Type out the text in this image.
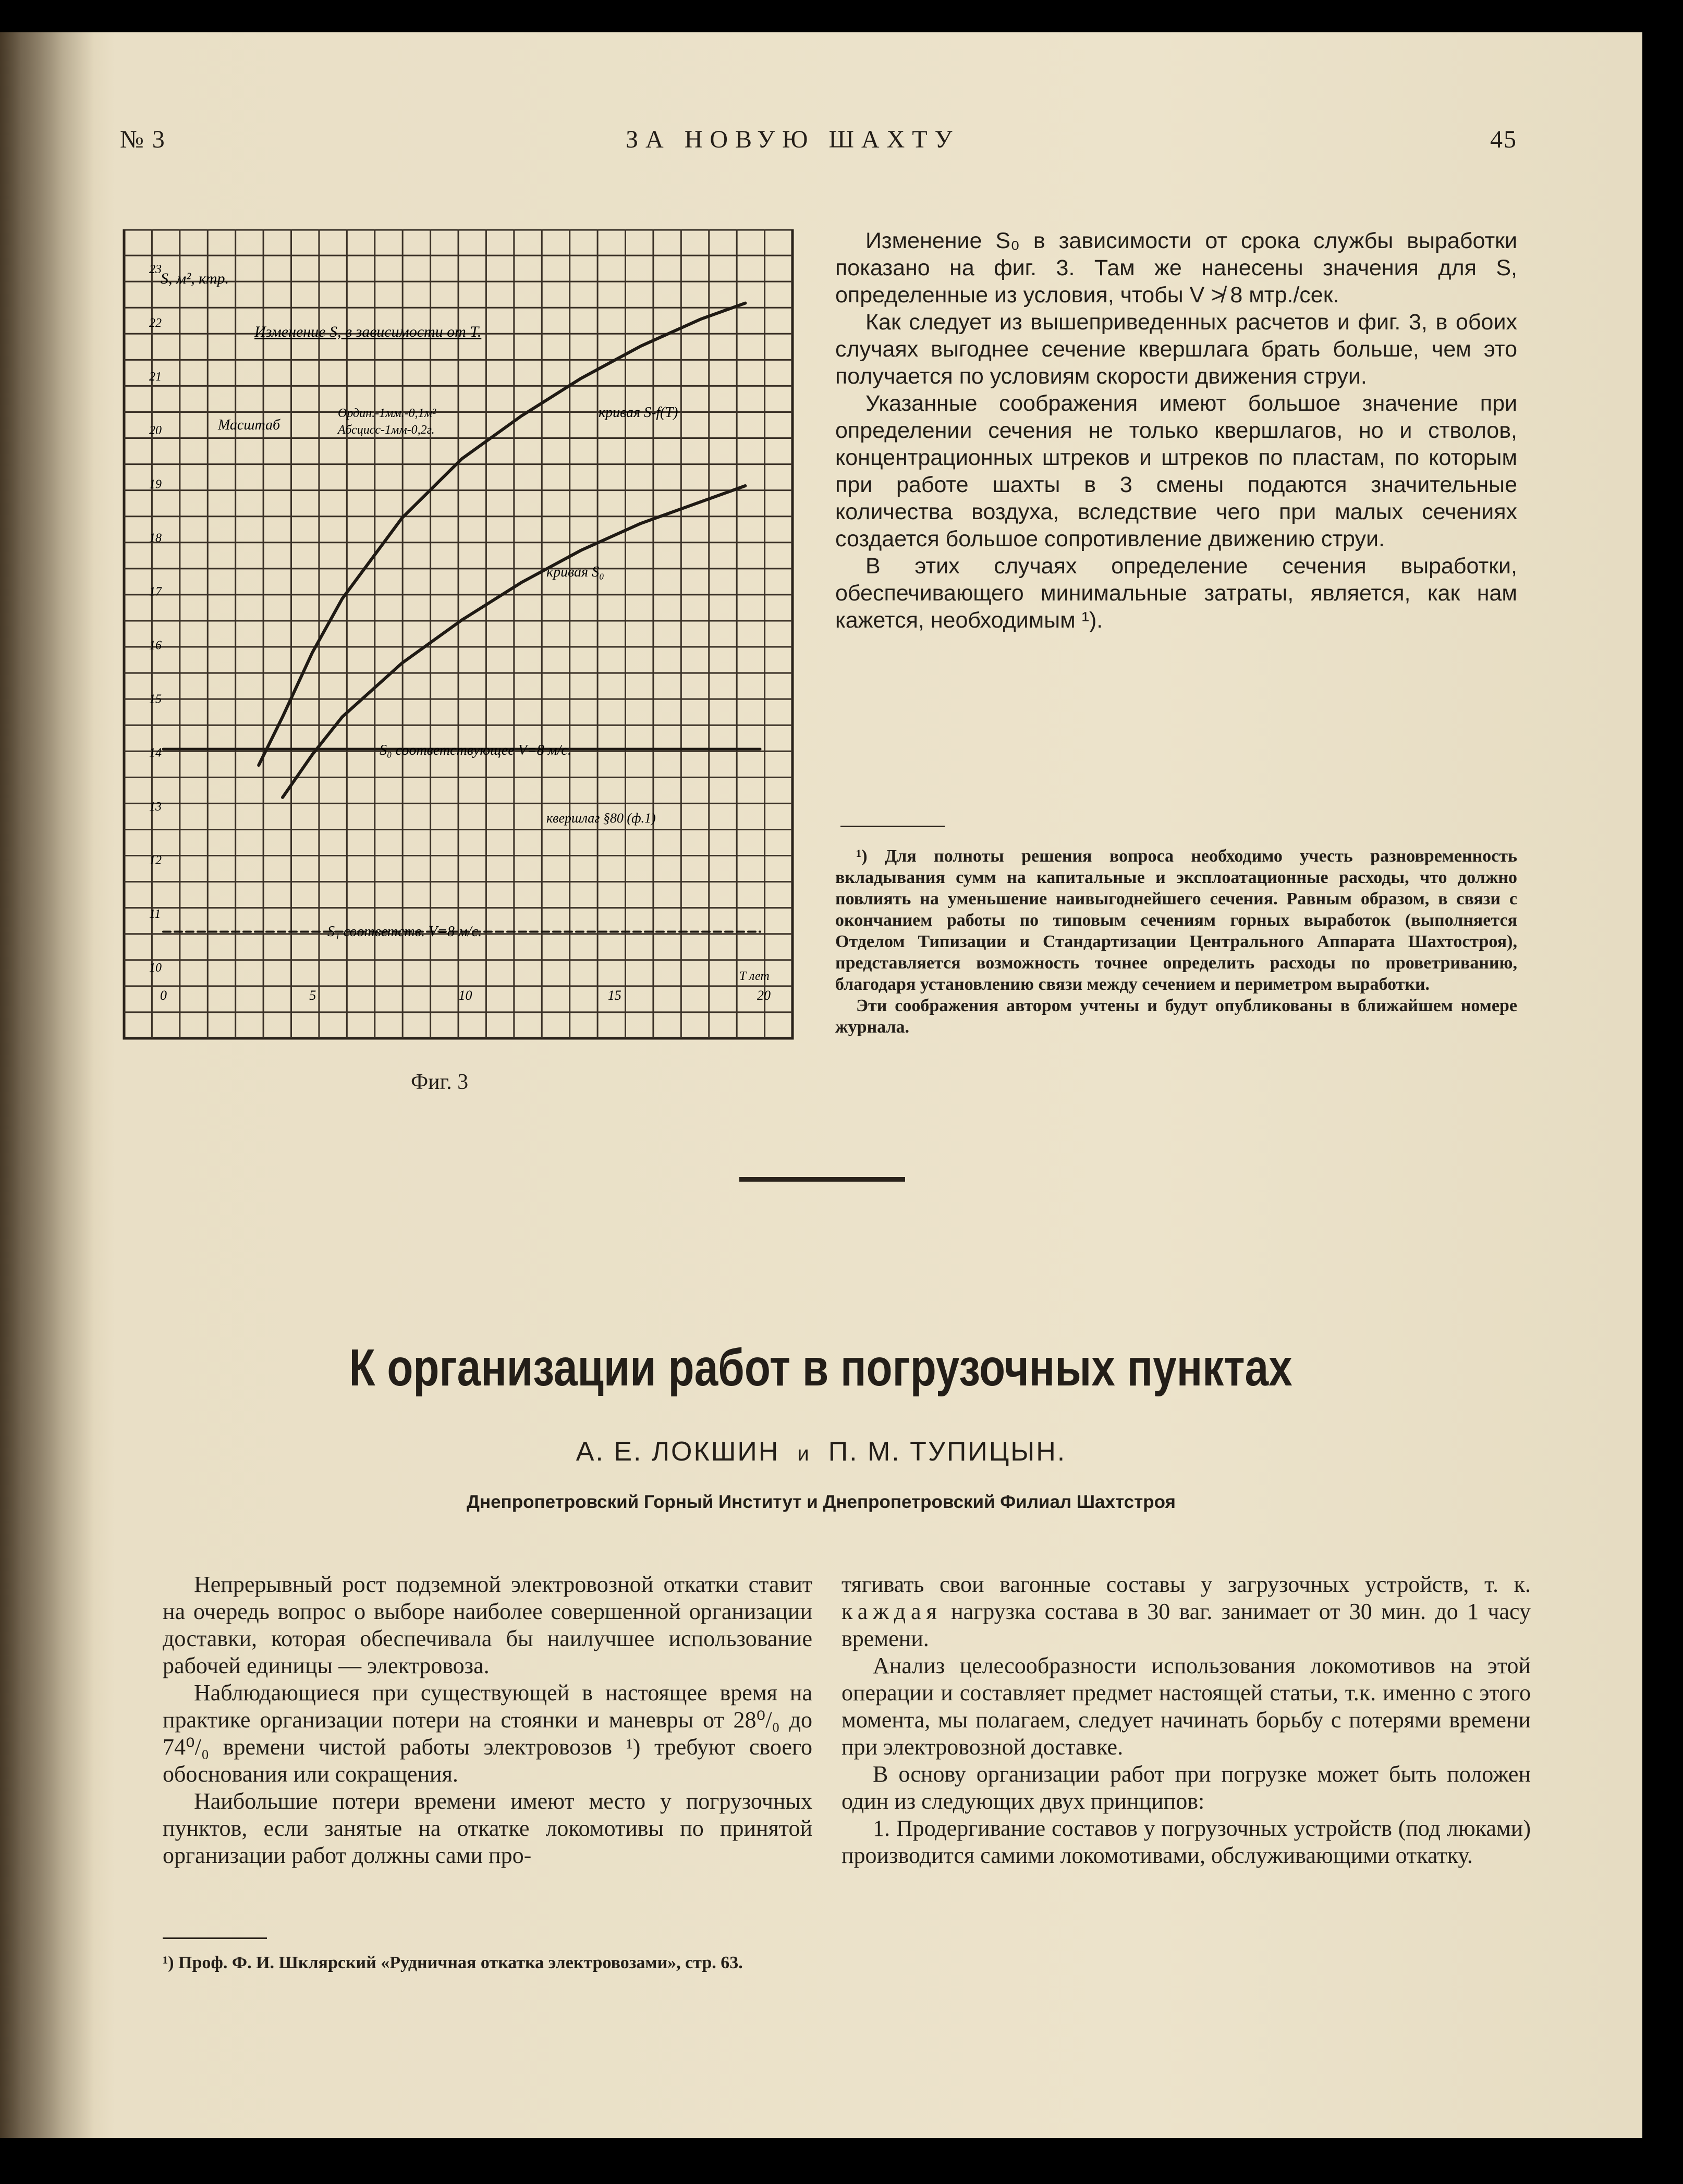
№ 3	ЗА НОВУЮ ШАХТУ	45
23
22
21
20
19
18
17
16
15
14
13
12
11
10
0	5	10	15	20
S, м², ктр.
Изменение S, в зависимости от T.
Масштаб
Ордин.-1мм.-0,1м²
Абсцисс-1мм-0,2г.
кривая S-f(T)
кривая S₀
S₀ соответствующее V=8 м/с.
квершлаг §80 (ф.1)
S₁ соответств. V=8 м/с.
T лет
Фиг. 3

Изменение S₀ в зависимости от срока службы выработки показано на фиг. 3. Там же нанесены значения для S, определенные из условия, чтобы V ≯ 8 мтр./сек.

Как следует из вышеприведенных расчетов и фиг. 3, в обоих случаях выгоднее сечение квершлага брать больше, чем это получается по условиям скорости движения струи.

Указанные соображения имеют большое значение при определении сечения не только квершлагов, но и стволов, концентрационных штреков и штреков по пластам, по которым при работе шахты в 3 смены подаются значительные количества воздуха, вследствие чего при малых сечениях создается большое сопротивление движению струи.

В этих случаях определение сечения выработки, обеспечивающего минимальные затраты, является, как нам кажется, необходимым ¹).

¹) Для полноты решения вопроса необходимо учесть разновременность вкладывания сумм на капитальные и эксплоатационные расходы, что должно повлиять на уменьшение наивыгоднейшего сечения. Равным образом, в связи с окончанием работы по типовым сечениям горных выработок (выполняется Отделом Типизации и Стандартизации Центрального Аппарата Шахтостроя), представляется возможность точнее определить расходы по проветриванию, благодаря установлению связи между сечением и периметром выработки.

Эти соображения автором учтены и будут опубликованы в ближайшем номере журнала.

К организации работ в погрузочных пунктах
А. Е. ЛОКШИН и П. М. ТУПИЦЫН.
Днепропетровский Горный Институт и Днепропетровский Филиал Шахтстроя

Непрерывный рост подземной электровозной откатки ставит на очередь вопрос о выборе наиболее совершенной организации доставки, которая обеспечивала бы наилучшее использование рабочей единицы — электровоза.

Наблюдающиеся при существующей в настоящее время на практике организации потери на стоянки и маневры от 28⁰/₀ до 74⁰/₀ времени чистой работы электровозов ¹) требуют своего обоснования или сокращения.

Наибольшие потери времени имеют место у погрузочных пунктов, если занятые на откатке локомотивы по принятой организации работ должны сами про-

тягивать свои вагонные составы у загрузочных устройств, т. к. каждая нагрузка состава в 30 ваг. занимает от 30 мин. до 1 часу времени.

Анализ целесообразности использования локомотивов на этой операции и составляет предмет настоящей статьи, т.к. именно с этого момента, мы полагаем, следует начинать борьбу с потерями времени при электровозной доставке.

В основу организации работ при погрузке может быть положен один из следующих двух принципов:

1. Продергивание составов у погрузочных устройств (под люками) производится самими локомотивами, обслуживающими откатку.

¹) Проф. Ф. И. Шклярский «Рудничная откатка электровозами», стр. 63.
